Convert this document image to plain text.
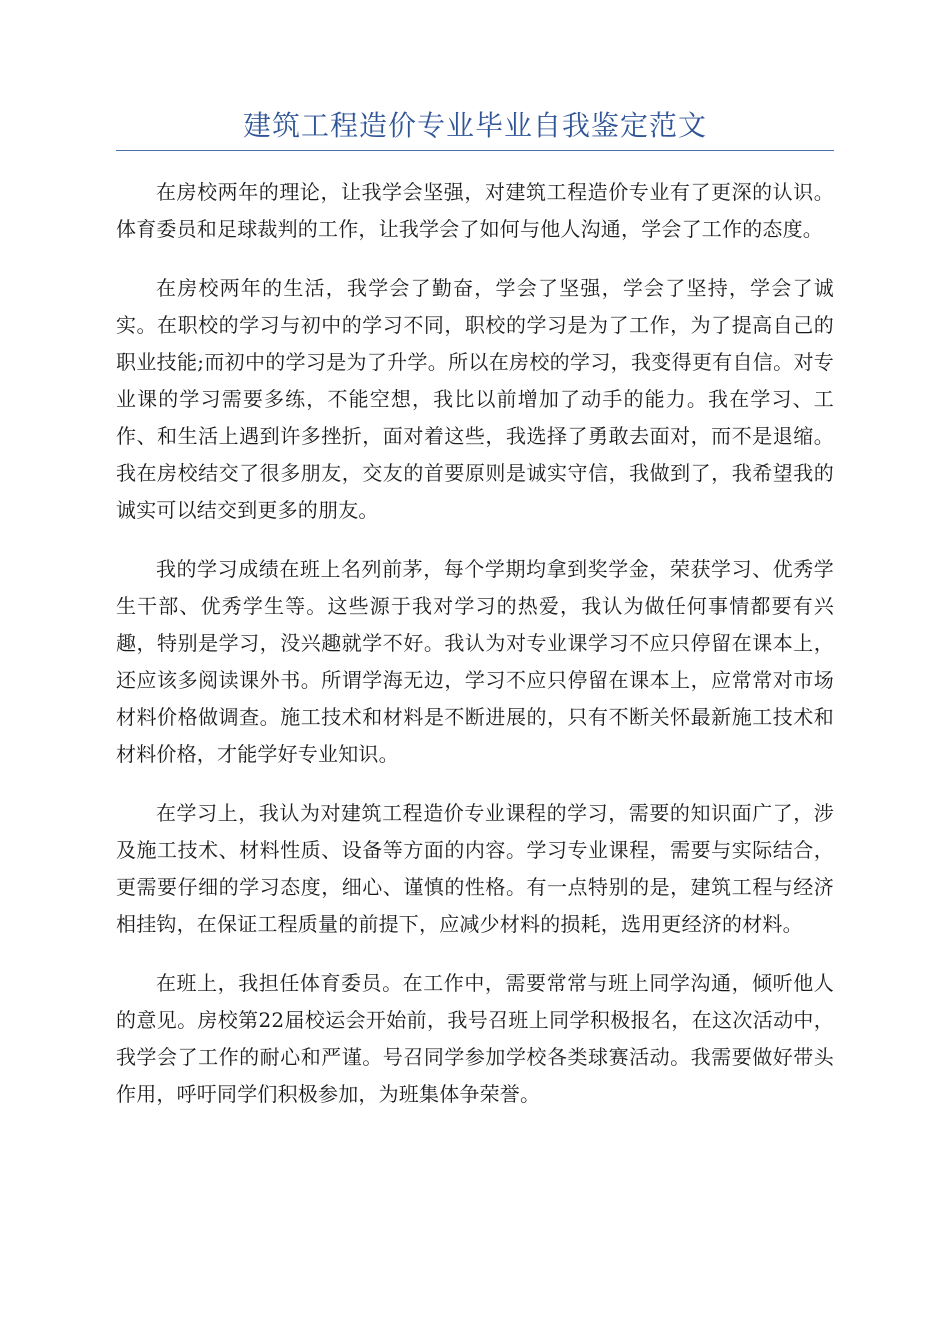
建筑工程造价专业毕业自我鉴定范文

在房校两年的理论，让我学会坚强，对建筑工程造价专业有了更深的认识。体育委员和足球裁判的工作，让我学会了如何与他人沟通，学会了工作的态度。

在房校两年的生活，我学会了勤奋，学会了坚强，学会了坚持，学会了诚实。在职校的学习与初中的学习不同，职校的学习是为了工作，为了提高自己的职业技能;而初中的学习是为了升学。所以在房校的学习，我变得更有自信。对专业课的学习需要多练，不能空想，我比以前增加了动手的能力。我在学习、工作、和生活上遇到许多挫折，面对着这些，我选择了勇敢去面对，而不是退缩。我在房校结交了很多朋友，交友的首要原则是诚实守信，我做到了，我希望我的诚实可以结交到更多的朋友。

我的学习成绩在班上名列前茅，每个学期均拿到奖学金，荣获学习、优秀学生干部、优秀学生等。这些源于我对学习的热爱，我认为做任何事情都要有兴趣，特别是学习，没兴趣就学不好。我认为对专业课学习不应只停留在课本上，还应该多阅读课外书。所谓学海无边，学习不应只停留在课本上，应常常对市场材料价格做调查。施工技术和材料是不断进展的，只有不断关怀最新施工技术和材料价格，才能学好专业知识。

在学习上，我认为对建筑工程造价专业课程的学习，需要的知识面广了，涉及施工技术、材料性质、设备等方面的内容。学习专业课程，需要与实际结合，更需要仔细的学习态度，细心、谨慎的性格。有一点特别的是，建筑工程与经济相挂钩，在保证工程质量的前提下，应减少材料的损耗，选用更经济的材料。

在班上，我担任体育委员。在工作中，需要常常与班上同学沟通，倾听他人的意见。房校第22届校运会开始前，我号召班上同学积极报名，在这次活动中，我学会了工作的耐心和严谨。号召同学参加学校各类球赛活动。我需要做好带头作用，呼吁同学们积极参加，为班集体争荣誉。
